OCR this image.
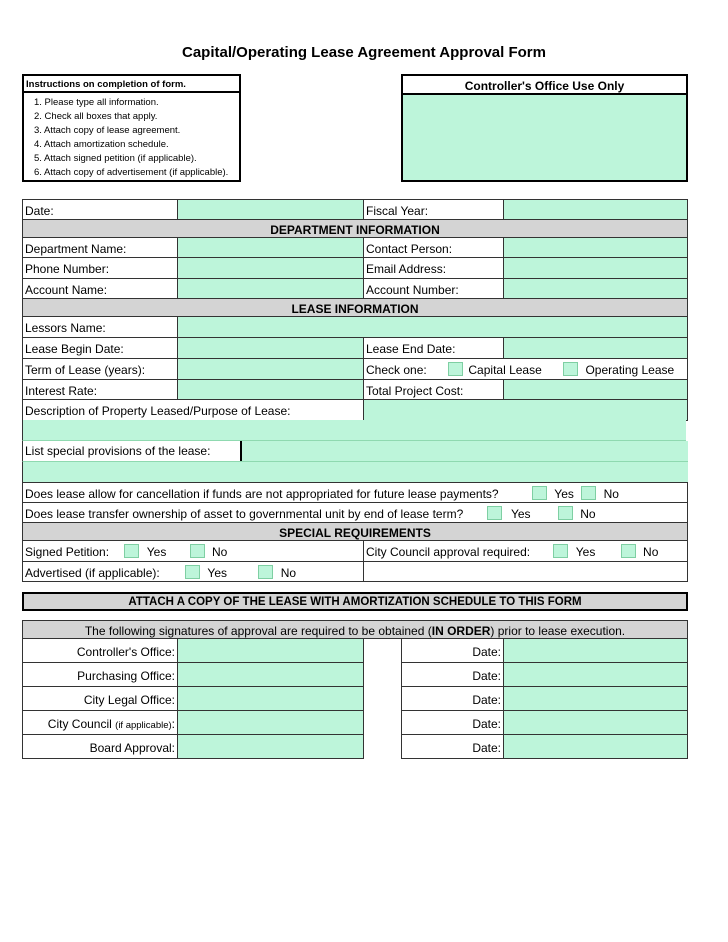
Capital/Operating Lease Agreement Approval Form
Instructions on completion of form.
1. Please type all information.
2. Check all boxes that apply.
3. Attach copy of lease agreement.
4. Attach amortization schedule.
5. Attach signed petition (if applicable).
6. Attach copy of advertisement (if applicable).
Controller's Office Use Only
Date:	Fiscal Year:
DEPARTMENT INFORMATION
Department Name:	Contact Person:
Phone Number:	Email Address:
Account Name:	Account Number:
LEASE INFORMATION
Lessors Name:
Lease Begin Date:	Lease End Date:
Term of Lease (years):	Check one:	Capital Lease	Operating Lease
Interest Rate:	Total Project Cost:
Description of Property Leased/Purpose of Lease:
List special provisions of the lease:
Does lease allow for cancellation if funds are not appropriated for future lease payments?	Yes No
Does lease transfer ownership of asset to governmental unit by end of lease term?	Yes	No
SPECIAL REQUIREMENTS
Signed Petition:	Yes	No	City Council approval required:	Yes	No
Advertised (if applicable):	Yes	No
ATTACH A COPY OF THE LEASE WITH AMORTIZATION SCHEDULE TO THIS FORM
The following signatures of approval are required to be obtained (IN ORDER) prior to lease execution.
Controller's Office:	Date:
Purchasing Office:	Date:
City Legal Office:	Date:
City Council (if applicable):	Date:
Board Approval:	Date:
